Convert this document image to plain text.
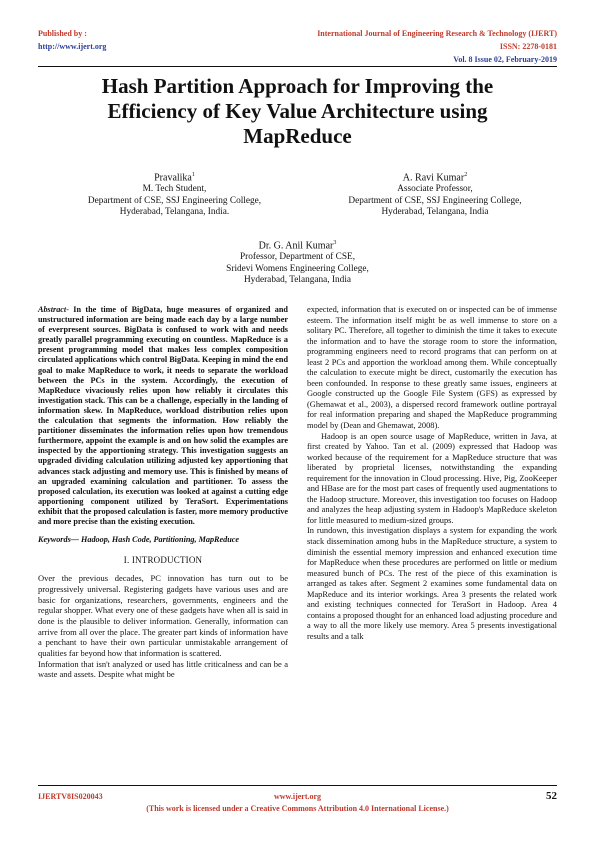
Published by :
http://www.ijert.org
International Journal of Engineering Research & Technology (IJERT)
ISSN: 2278-0181
Vol. 8 Issue 02, February-2019
Hash Partition Approach for Improving the
Efficiency of Key Value Architecture using
MapReduce
Pravalika$^1$
M. Tech Student,
Department of CSE, SSJ Engineering College,
Hyderabad, Telangana, India.
A. Ravi Kumar$^2$
Associate Professor,
Department of CSE, SSJ Engineering College,
Hyderabad, Telangana, India
Dr. G. Anil Kumar$^3$
Professor, Department of CSE,
Sridevi Womens Engineering College,
Hyderabad, Telangana, India

Abstract- In the time of BigData, huge measures of organized and unstructured information are being made each day by a large number of everpresent sources. BigData is confused to work with and needs greatly parallel programming executing on countless. MapReduce is a present programming model that makes less complex composition circulated applications which control BigData. Keeping in mind the end goal to make MapReduce to work, it needs to separate the workload between the PCs in the system. Accordingly, the execution of MapReduce vivaciously relies upon how reliably it circulates this investigation stack. This can be a challenge, especially in the landing of information skew. In MapReduce, workload distribution relies upon the calculation that segments the information. How reliably the partitioner disseminates the information relies upon how tremendous furthermore, appoint the example is and on how solid the examples are inspected by the apportioning strategy. This investigation suggests an upgraded dividing calculation utilizing adjusted key apportioning that advances stack adjusting and memory use. This is finished by means of an upgraded examining calculation and partitioner. To assess the proposed calculation, its execution was looked at against a cutting edge apportioning component utilized by TeraSort. Experimentations exhibit that the proposed calculation is faster, more memory productive and more precise than the existing execution.

Keywords— Hadoop, Hash Code, Partitioning, MapReduce

I. INTRODUCTION

Over the previous decades, PC innovation has turn out to be progressively universal. Registering gadgets have various uses and are basic for organizations, researchers, governments, engineers and the regular shopper. What every one of these gadgets have when all is said in done is the plausible to deliver information. Generally, information can arrive from all over the place. The greater part kinds of information have a penchant to have their own particular unmistakable arrangement of qualities far beyond how that information is scattered.

Information that isn't analyzed or used has little criticalness and can be a waste and assets. Despite what might be

expected, information that is executed on or inspected can be of immense esteem. The information itself might be as well immense to store on a solitary PC. Therefore, all together to diminish the time it takes to execute the information and to have the storage room to store the information, programming engineers need to record programs that can perform on at least 2 PCs and apportion the workload among them. While conceptually the calculation to execute might be direct, customarily the execution has been confounded. In response to these greatly same issues, engineers at Google constructed up the Google File System (GFS) as expressed by (Ghemawat et al., 2003), a dispersed record framework outline portrayal for real information preparing and shaped the MapReduce programming model by (Dean and Ghemawat, 2008).

Hadoop is an open source usage of MapReduce, written in Java, at first created by Yahoo. Tan et al. (2009) expressed that Hadoop was worked because of the requirement for a MapReduce structure that was liberated by proprietal licenses, notwithstanding the expanding requirement for the innovation in Cloud processing. Hive, Pig, ZooKeeper and HBase are for the most part cases of frequently used augmentations to the Hadoop structure. Moreover, this investigation too focuses on Hadoop and analyzes the heap adjusting system in Hadoop's MapReduce skeleton for little measured to medium-sized groups.

In rundown, this investigation displays a system for expanding the work stack dissemination among hubs in the MapReduce structure, a system to diminish the essential memory impression and enhanced execution time for MapReduce when these procedures are performed on little or medium measured bunch of PCs. The rest of the piece of this examination is arranged as takes after. Segment 2 examines some fundamental data on MapReduce and its interior workings. Area 3 presents the related work and existing techniques connected for TeraSort in Hadoop. Area 4 contains a proposed thought for an enhanced load adjusting procedure and a way to all the more likely use memory. Area 5 presents investigational results and a talk

IJERTV8IS020043	www.ijert.org
(This work is licensed under a Creative Commons Attribution 4.0 International License.)
52
